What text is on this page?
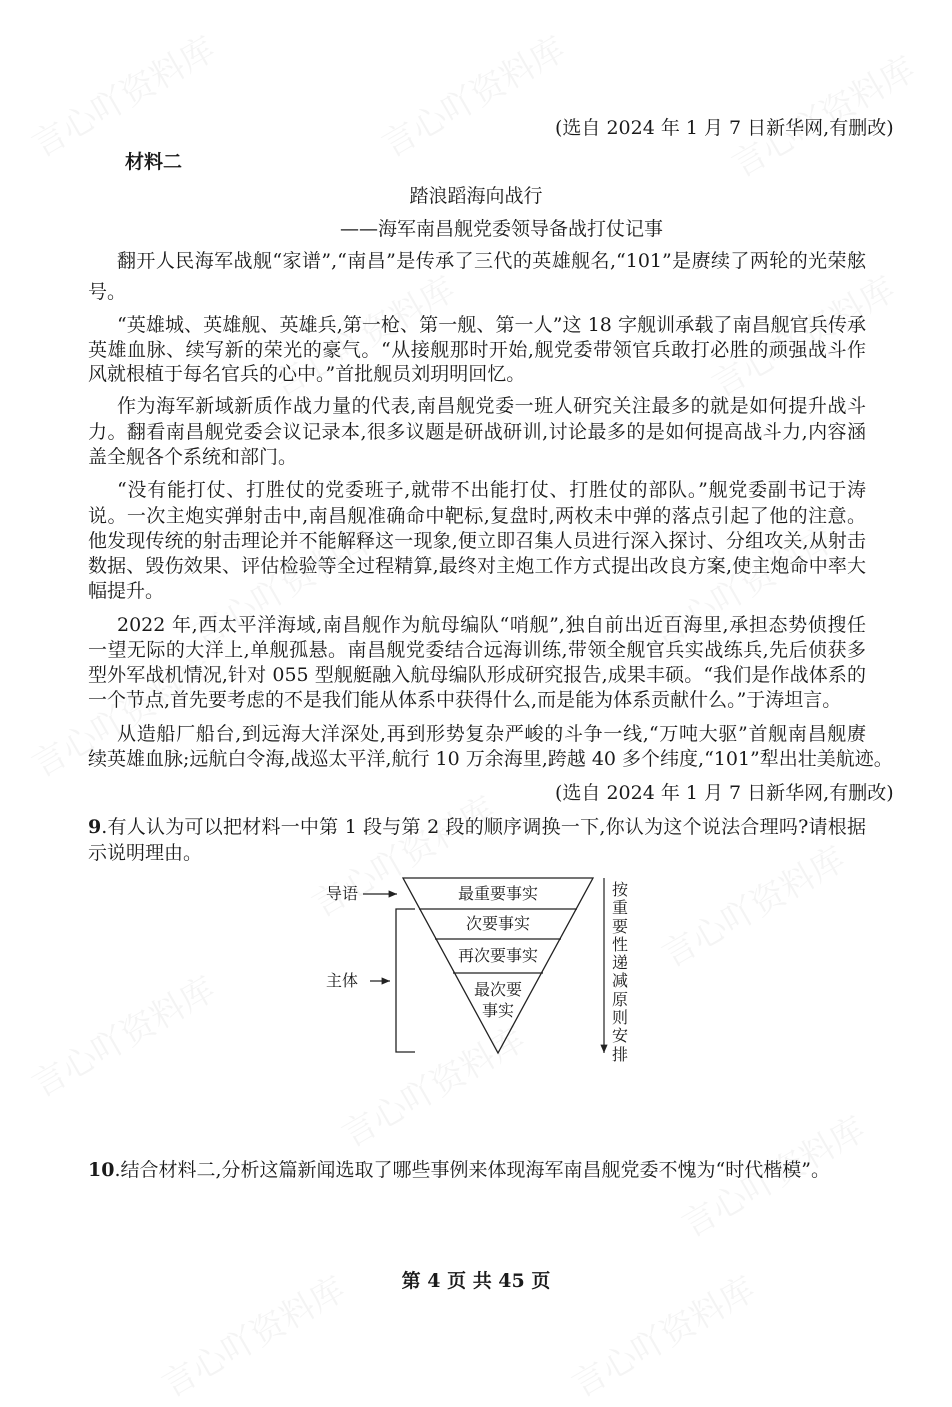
(选自 2024 年 1 月 7 日新华网,有删改)
材料二
踏浪蹈海向战行
——海军南昌舰党委领导备战打仗记事
翻开人民海军战舰“家谱”,“南昌”是传承了三代的英雄舰名,“101”是赓续了两轮的光荣舷
号。
“英雄城、英雄舰、英雄兵,第一枪、第一舰、第一人”这 18 字舰训承载了南昌舰官兵传承
英雄血脉、续写新的荣光的豪气。“从接舰那时开始,舰党委带领官兵敢打必胜的顽强战斗作
风就根植于每名官兵的心中。”首批舰员刘玥明回忆。
作为海军新域新质作战力量的代表,南昌舰党委一班人研究关注最多的就是如何提升战斗
力。翻看南昌舰党委会议记录本,很多议题是研战研训,讨论最多的是如何提高战斗力,内容涵
盖全舰各个系统和部门。
“没有能打仗、打胜仗的党委班子,就带不出能打仗、打胜仗的部队。”舰党委副书记于涛
说。一次主炮实弹射击中,南昌舰准确命中靶标,复盘时,两枚未中弹的落点引起了他的注意。
他发现传统的射击理论并不能解释这一现象,便立即召集人员进行深入探讨、分组攻关,从射击
数据、毁伤效果、评估检验等全过程精算,最终对主炮工作方式提出改良方案,使主炮命中率大
幅提升。
2022 年,西太平洋海域,南昌舰作为航母编队“哨舰”,独自前出近百海里,承担态势侦搜任
一望无际的大洋上,单舰孤悬。南昌舰党委结合远海训练,带领全舰官兵实战练兵,先后侦获多
型外军战机情况,针对 055 型舰艇融入航母编队形成研究报告,成果丰硕。“我们是作战体系的
一个节点,首先要考虑的不是我们能从体系中获得什么,而是能为体系贡献什么。”于涛坦言。
从造船厂船台,到远海大洋深处,再到形势复杂严峻的斗争一线,“万吨大驱”首舰南昌舰赓
续英雄血脉;远航白令海,战巡太平洋,航行 10 万余海里,跨越 40 多个纬度,“101”犁出壮美航迹。
(选自 2024 年 1 月 7 日新华网,有删改)
9.有人认为可以把材料一中第 1 段与第 2 段的顺序调换一下,你认为这个说法合理吗?请根据
示说明理由。
导语
主体
最重要事实
次要事实
再次要事实
最次要
事实
按重要性递减原则安排
10.结合材料二,分析这篇新闻选取了哪些事例来体现海军南昌舰党委不愧为“时代楷模”。
第 4 页 共 45 页
